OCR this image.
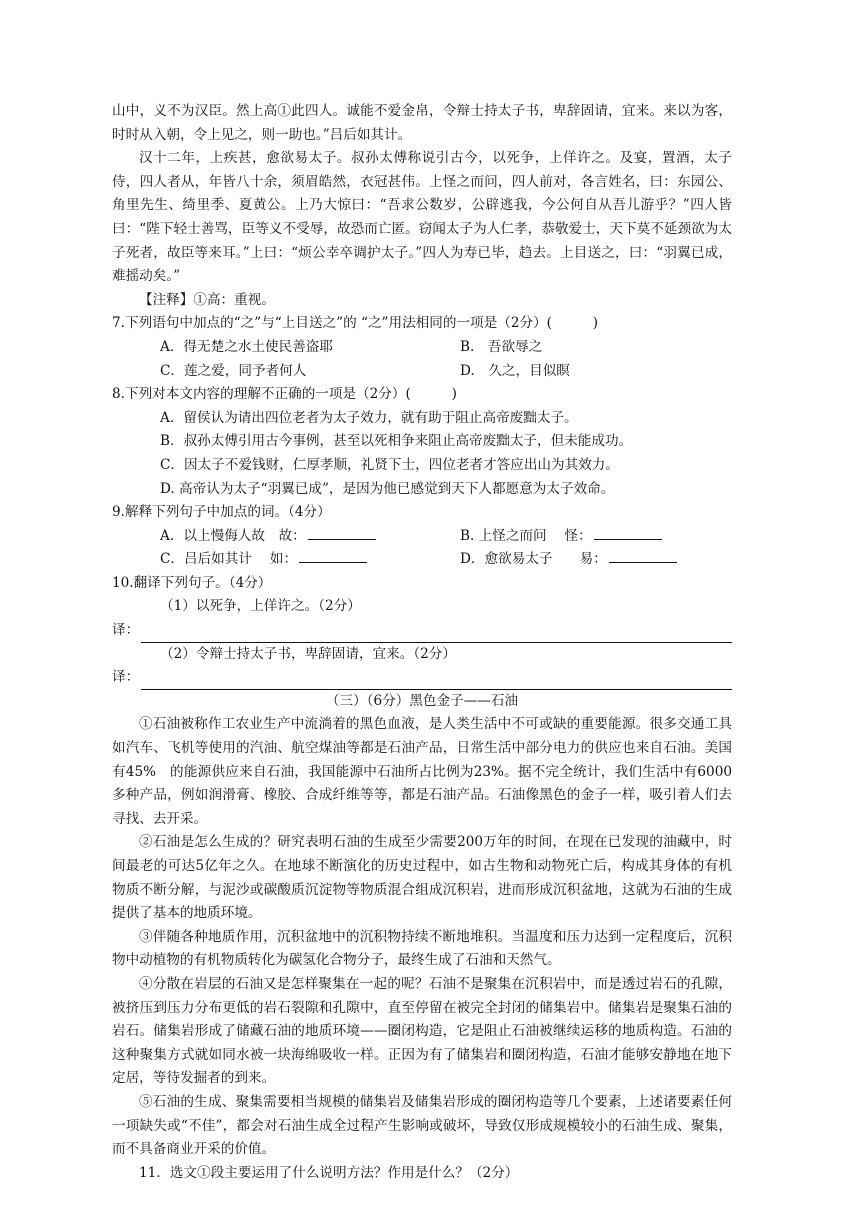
山中，义不为汉臣。然上高①此四人。诚能不爱金帛，令辩士持太子书，卑辞固请，宜来。来以为客，时时从入朝，令上见之，则一助也。”吕后如其计。

汉十二年，上疾甚，愈欲易太子。叔孙太傅称说引古今，以死争，上佯许之。及宴，置酒，太子侍，四人者从，年皆八十余，须眉皓然，衣冠甚伟。上怪之而问，四人前对，各言姓名，曰：东园公、角里先生、绮里季、夏黄公。上乃大惊曰：“吾求公数岁，公辟逃我，今公何自从吾儿游乎？”四人皆曰：“陛下轻士善骂，臣等义不受辱，故恐而亡匿。窃闻太子为人仁孝，恭敬爱士，天下莫不延颈欲为太子死者，故臣等来耳。”上曰：“烦公幸卒调护太子。”四人为寿已毕，趋去。上目送之，曰：“羽翼已成，难摇动矣。”

【注释】①高：重视。

7.下列语句中加点的“之”与“上目送之”的 “之”用法相同的一项是（2分）(　　　)

A．得无楚之水土使民善盗耶	B.　吾欲辱之
C．莲之爱，同予者何人	D.　久之，目似瞑

8.下列对本文内容的理解不正确的一项是（2分）(　　　)

A．留侯认为请出四位老者为太子效力，就有助于阻止高帝废黜太子。

B．叔孙太傅引用古今事例，甚至以死相争来阻止高帝废黜太子，但未能成功。

C．因太子不爱钱财，仁厚孝顺，礼贤下士，四位老者才答应出山为其效力。

D. 高帝认为太子“羽翼已成”，是因为他已感觉到天下人都愿意为太子效命。

9.解释下列句子中加点的词。（4分）

A．以上慢侮人故　故：	B. 上怪之而问　 怪：
C．吕后如其计　 如：	D．愈欲易太子　　易：

10.翻译下列句子。（4分）

（1）以死争，上佯许之。（2分）

译：

（2）令辩士持太子书，卑辞固请，宜来。（2分）

译：

（三）（6分）黑色金子——石油

①石油被称作工农业生产中流淌着的黑色血液，是人类生活中不可或缺的重要能源。很多交通工具如汽车、飞机等使用的汽油、航空煤油等都是石油产品，日常生活中部分电力的供应也来自石油。美国有45%　的能源供应来自石油，我国能源中石油所占比例为23%。据不完全统计，我们生活中有6000多种产品，例如润滑膏、橡胶、合成纤维等等，都是石油产品。石油像黑色的金子一样，吸引着人们去寻找、去开采。

②石油是怎么生成的？研究表明石油的生成至少需要200万年的时间，在现在已发现的油藏中，时间最老的可达5亿年之久。在地球不断演化的历史过程中，如古生物和动物死亡后，构成其身体的有机物质不断分解，与泥沙或碳酸质沉淀物等物质混合组成沉积岩，进而形成沉积盆地，这就为石油的生成提供了基本的地质环境。

③伴随各种地质作用，沉积盆地中的沉积物持续不断地堆积。当温度和压力达到一定程度后，沉积物中动植物的有机物质转化为碳氢化合物分子，最终生成了石油和天然气。

④分散在岩层的石油又是怎样聚集在一起的呢？石油不是聚集在沉积岩中，而是透过岩石的孔隙，被挤压到压力分布更低的岩石裂隙和孔隙中，直至停留在被完全封闭的储集岩中。储集岩是聚集石油的岩石。储集岩形成了储藏石油的地质环境——圈闭构造，它是阻止石油被继续运移的地质构造。石油的这种聚集方式就如同水被一块海绵吸收一样。正因为有了储集岩和圈闭构造，石油才能够安静地在地下定居，等待发掘者的到来。

⑤石油的生成、聚集需要相当规模的储集岩及储集岩形成的圈闭构造等几个要素，上述诸要素任何一项缺失或“不佳”，都会对石油生成全过程产生影响或破坏，导致仅形成规模较小的石油生成、聚集，而不具备商业开采的价值。

11．选文①段主要运用了什么说明方法？作用是什么？（2分）
